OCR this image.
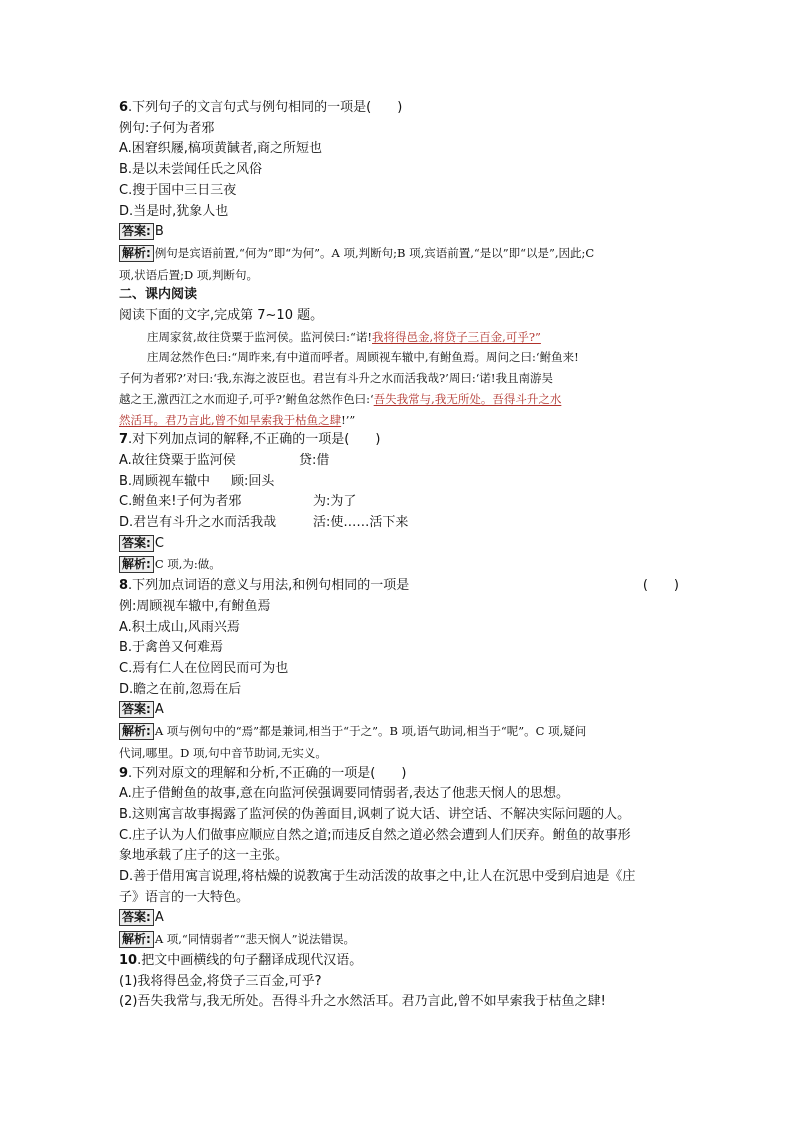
6.下列句子的文言句式与例句相同的一项是(　　)
例句:子何为者邪
A.困窘织屦,槁项黄馘者,商之所短也
B.是以未尝闻任氏之风俗
C.搜于国中三日三夜
D.当是时,犹象人也
答案: B
解析: 例句是宾语前置,“何为”即“为何”。A 项,判断句;B 项,宾语前置,“是以”即“以是”,因此;C
项,状语后置;D 项,判断句。
二、课内阅读
阅读下面的文字,完成第 7~10 题。
庄周家贫,故往贷粟于监河侯。监河侯曰:“诺!我将得邑金,将贷子三百金,可乎?”
庄周忿然作色曰:“周昨来,有中道而呼者。周顾视车辙中,有鲋鱼焉。周问之曰:‘鲋鱼来!
子何为者邪?’对曰:‘我,东海之波臣也。君岂有斗升之水而活我哉?’周曰:‘诺!我且南游吴
越之王,激西江之水而迎子,可乎?’鲋鱼忿然作色曰:‘吾失我常与,我无所处。吾得斗升之水
然活耳。君乃言此,曾不如早索我于枯鱼之肆!’”
7.对下列加点词的解释,不正确的一项是(　　)
A.故往贷粟于监河侯	贷:借
B.周顾视车辙中 顾:回头
C.鲋鱼来!子何为者邪	为:为了
D.君岂有斗升之水而活我哉	活:使……活下来
答案: C
解析: C 项,为:做。
8.下列加点词语的意义与用法,和例句相同的一项是	(　　)
例:周顾视车辙中,有鲋鱼焉
A.积土成山,风雨兴焉
B.于禽兽又何难焉
C.焉有仁人在位罔民而可为也
D.瞻之在前,忽焉在后
答案: A
解析: A 项与例句中的“焉”都是兼词,相当于“于之”。B 项,语气助词,相当于“呢”。C 项,疑问
代词,哪里。D 项,句中音节助词,无实义。
9.下列对原文的理解和分析,不正确的一项是(　　)
A.庄子借鲋鱼的故事,意在向监河侯强调要同情弱者,表达了他悲天悯人的思想。
B.这则寓言故事揭露了监河侯的伪善面目,讽刺了说大话、讲空话、不解决实际问题的人。
C.庄子认为人们做事应顺应自然之道;而违反自然之道必然会遭到人们厌弃。鲋鱼的故事形
象地承载了庄子的这一主张。
D.善于借用寓言说理,将枯燥的说教寓于生动活泼的故事之中,让人在沉思中受到启迪是《庄
子》语言的一大特色。
答案: A
解析: A 项,“同情弱者”“悲天悯人”说法错误。
10.把文中画横线的句子翻译成现代汉语。
(1)我将得邑金,将贷子三百金,可乎?
(2)吾失我常与,我无所处。吾得斗升之水然活耳。君乃言此,曾不如早索我于枯鱼之肆!
